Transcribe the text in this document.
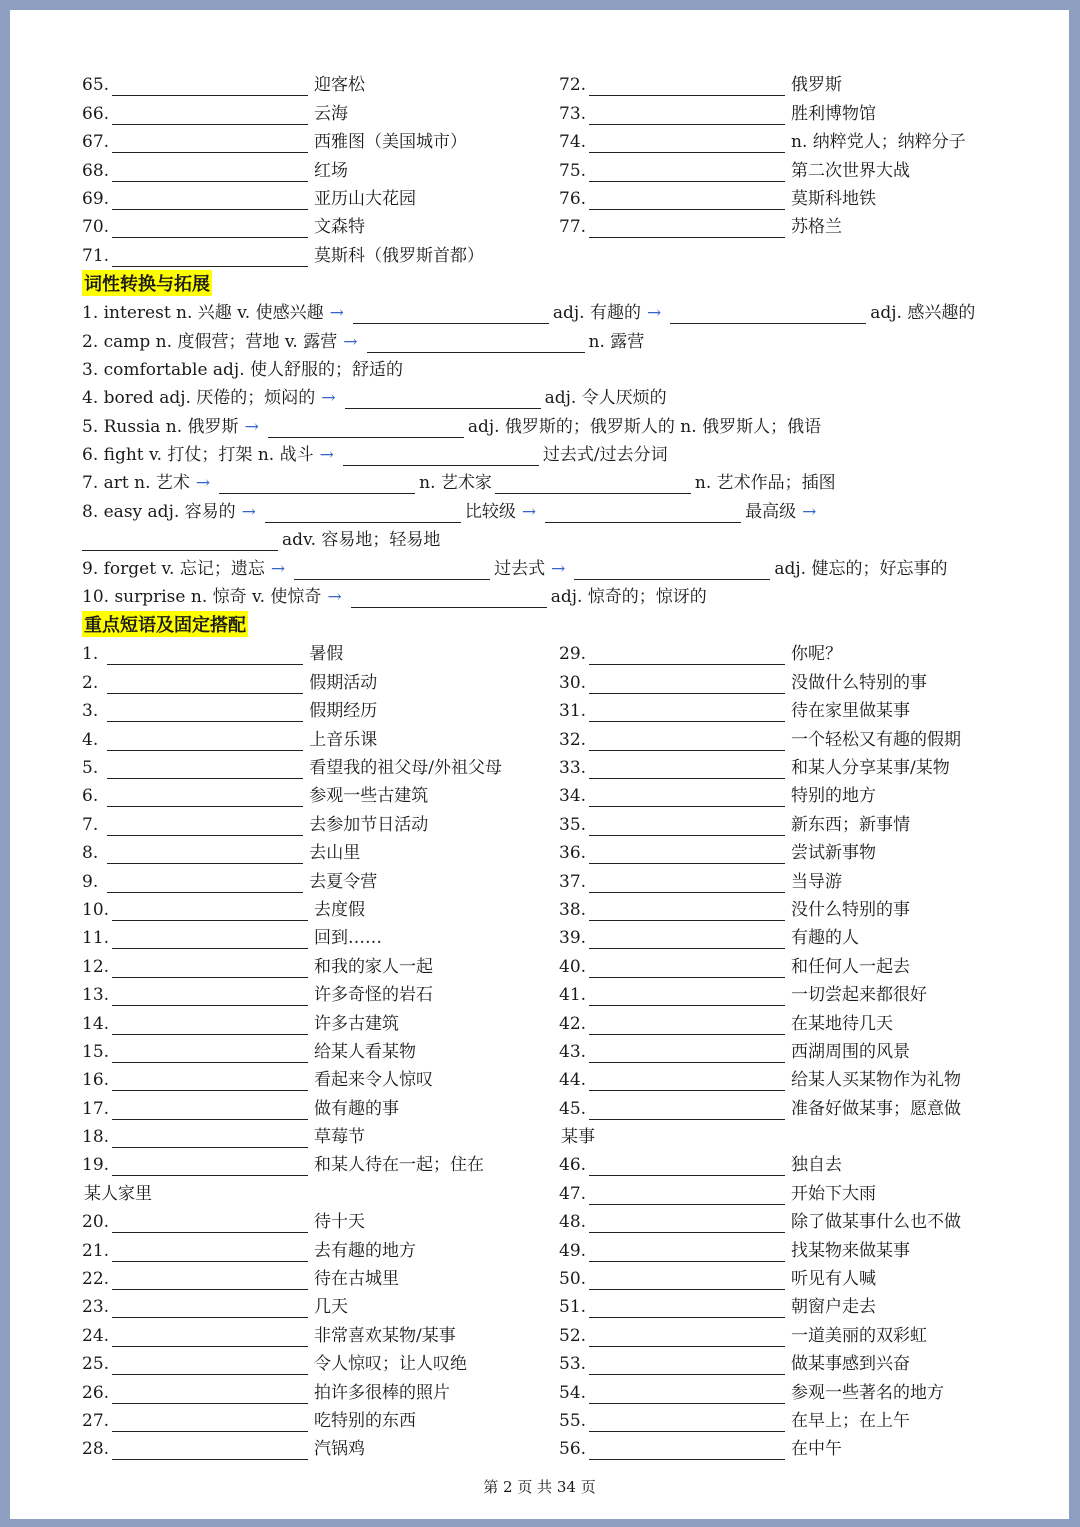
65.	迎客松	72.	俄罗斯
66.	云海	73.	胜利博物馆
67.	西雅图（美国城市）	74.	n. 纳粹党人；纳粹分子
68.	红场	75.	第二次世界大战
69.	亚历山大花园	76.	莫斯科地铁
70.	文森特	77.	苏格兰
71.	莫斯科（俄罗斯首都）
词性转换与拓展
1. interest n. 兴趣 v. 使感兴趣 →	adj. 有趣的 →	adj. 感兴趣的
2. camp n. 度假营；营地 v. 露营 →	n. 露营
3. comfortable adj. 使人舒服的；舒适的
4. bored adj. 厌倦的；烦闷的 →	adj. 令人厌烦的
5. Russia n. 俄罗斯 →	adj. 俄罗斯的；俄罗斯人的 n. 俄罗斯人；俄语
6. fight v. 打仗；打架 n. 战斗 →	过去式/过去分词
7. art n. 艺术 →	n. 艺术家	n. 艺术作品；插图
8. easy adj. 容易的 →	比较级 →	最高级 →
adv. 容易地；轻易地
9. forget v. 忘记；遗忘 →	过去式 →	adj. 健忘的；好忘事的
10. surprise n. 惊奇 v. 使惊奇 →	adj. 惊奇的；惊讶的
重点短语及固定搭配
1.	暑假	29.	你呢？
2.	假期活动	30.	没做什么特别的事
3.	假期经历	31.	待在家里做某事
4.	上音乐课	32.	一个轻松又有趣的假期
5.	看望我的祖父母/外祖父母	33.	和某人分享某事/某物
6.	参观一些古建筑	34.	特别的地方
7.	去参加节日活动	35.	新东西；新事情
8.	去山里	36.	尝试新事物
9.	去夏令营	37.	当导游
10.	去度假	38.	没什么特别的事
11.	回到……	39.	有趣的人
12.	和我的家人一起	40.	和任何人一起去
13.	许多奇怪的岩石	41.	一切尝起来都很好
14.	许多古建筑	42.	在某地待几天
15.	给某人看某物	43.	西湖周围的风景
16.	看起来令人惊叹	44.	给某人买某物作为礼物
17.	做有趣的事	45.	准备好做某事；愿意做
18.	草莓节	某事
19.	和某人待在一起；住在	46.	独自去
某人家里	47.	开始下大雨
20.	待十天	48.	除了做某事什么也不做
21.	去有趣的地方	49.	找某物来做某事
22.	待在古城里	50.	听见有人喊
23.	几天	51.	朝窗户走去
24.	非常喜欢某物/某事	52.	一道美丽的双彩虹
25.	令人惊叹；让人叹绝	53.	做某事感到兴奋
26.	拍许多很棒的照片	54.	参观一些著名的地方
27.	吃特别的东西	55.	在早上；在上午
28.	汽锅鸡	56.	在中午
第 2 页 共 34 页
